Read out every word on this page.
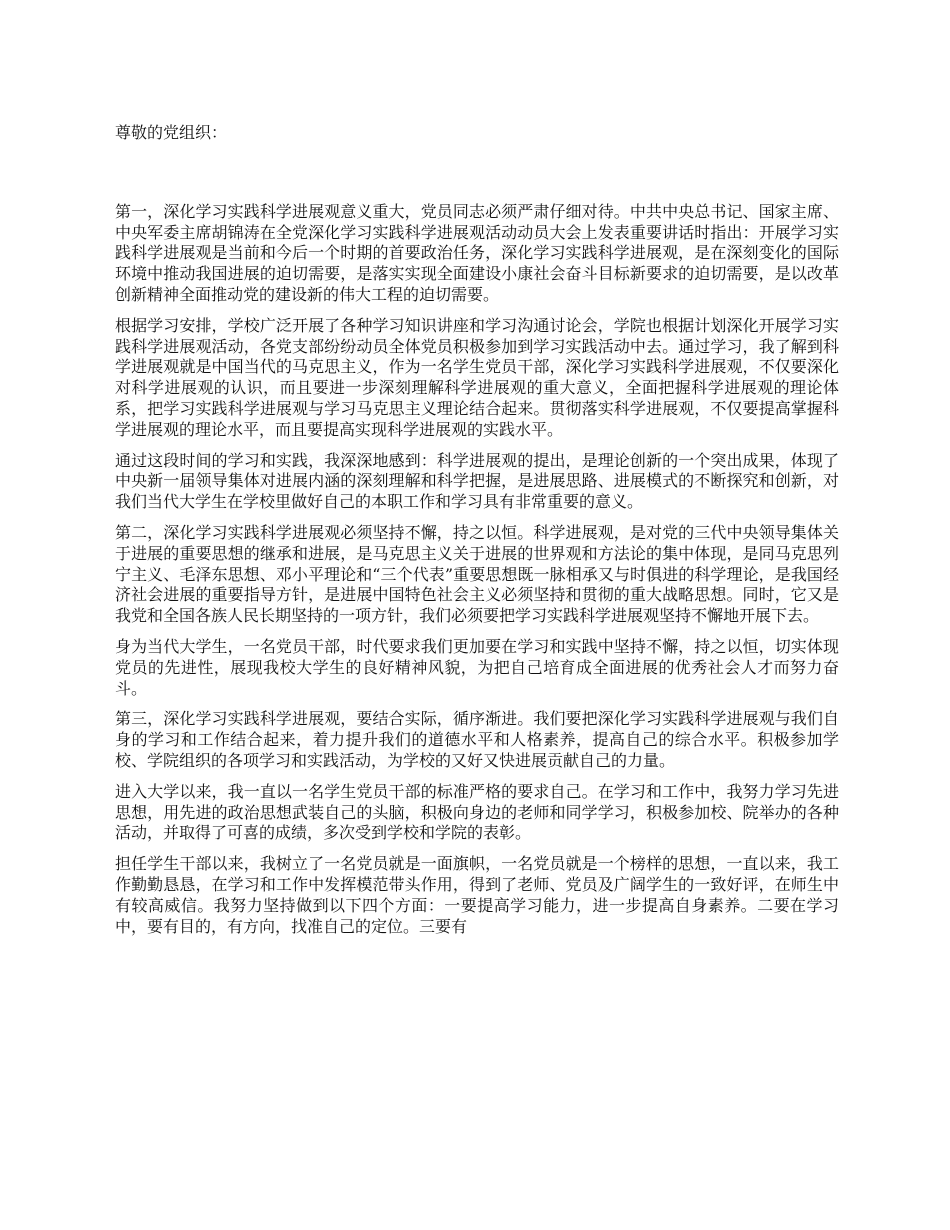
尊敬的党组织：

第一，深化学习实践科学进展观意义重大，党员同志必须严肃仔细对待。中共中央总书记、国家主席、中央军委主席胡锦涛在全党深化学习实践科学进展观活动动员大会上发表重要讲话时指出：开展学习实践科学进展观是当前和今后一个时期的首要政治任务，深化学习实践科学进展观，是在深刻变化的国际环境中推动我国进展的迫切需要，是落实实现全面建设小康社会奋斗目标新要求的迫切需要，是以改革创新精神全面推动党的建设新的伟大工程的迫切需要。

根据学习安排，学校广泛开展了各种学习知识讲座和学习沟通讨论会，学院也根据计划深化开展学习实践科学进展观活动，各党支部纷纷动员全体党员积极参加到学习实践活动中去。通过学习，我了解到科学进展观就是中国当代的马克思主义，作为一名学生党员干部，深化学习实践科学进展观，不仅要深化对科学进展观的认识，而且要进一步深刻理解科学进展观的重大意义，全面把握科学进展观的理论体系，把学习实践科学进展观与学习马克思主义理论结合起来。贯彻落实科学进展观，不仅要提高掌握科学进展观的理论水平，而且要提高实现科学进展观的实践水平。

通过这段时间的学习和实践，我深深地感到：科学进展观的提出，是理论创新的一个突出成果，体现了中央新一届领导集体对进展内涵的深刻理解和科学把握，是进展思路、进展模式的不断探究和创新，对我们当代大学生在学校里做好自己的本职工作和学习具有非常重要的意义。

第二，深化学习实践科学进展观必须坚持不懈，持之以恒。科学进展观，是对党的三代中央领导集体关于进展的重要思想的继承和进展，是马克思主义关于进展的世界观和方法论的集中体现，是同马克思列宁主义、毛泽东思想、邓小平理论和“三个代表”重要思想既一脉相承又与时俱进的科学理论，是我国经济社会进展的重要指导方针，是进展中国特色社会主义必须坚持和贯彻的重大战略思想。同时，它又是我党和全国各族人民长期坚持的一项方针，我们必须要把学习实践科学进展观坚持不懈地开展下去。

身为当代大学生，一名党员干部，时代要求我们更加要在学习和实践中坚持不懈，持之以恒，切实体现党员的先进性，展现我校大学生的良好精神风貌，为把自己培育成全面进展的优秀社会人才而努力奋斗。

第三，深化学习实践科学进展观，要结合实际，循序渐进。我们要把深化学习实践科学进展观与我们自身的学习和工作结合起来，着力提升我们的道德水平和人格素养，提高自己的综合水平。积极参加学校、学院组织的各项学习和实践活动，为学校的又好又快进展贡献自己的力量。

进入大学以来，我一直以一名学生党员干部的标准严格的要求自己。在学习和工作中，我努力学习先进思想，用先进的政治思想武装自己的头脑，积极向身边的老师和同学学习，积极参加校、院举办的各种活动，并取得了可喜的成绩，多次受到学校和学院的表彰。

担任学生干部以来，我树立了一名党员就是一面旗帜，一名党员就是一个榜样的思想，一直以来，我工作勤勤恳恳，在学习和工作中发挥模范带头作用，得到了老师、党员及广阔学生的一致好评，在师生中有较高威信。我努力坚持做到以下四个方面：一要提高学习能力，进一步提高自身素养。二要在学习中，要有目的，有方向，找准自己的定位。三要有
